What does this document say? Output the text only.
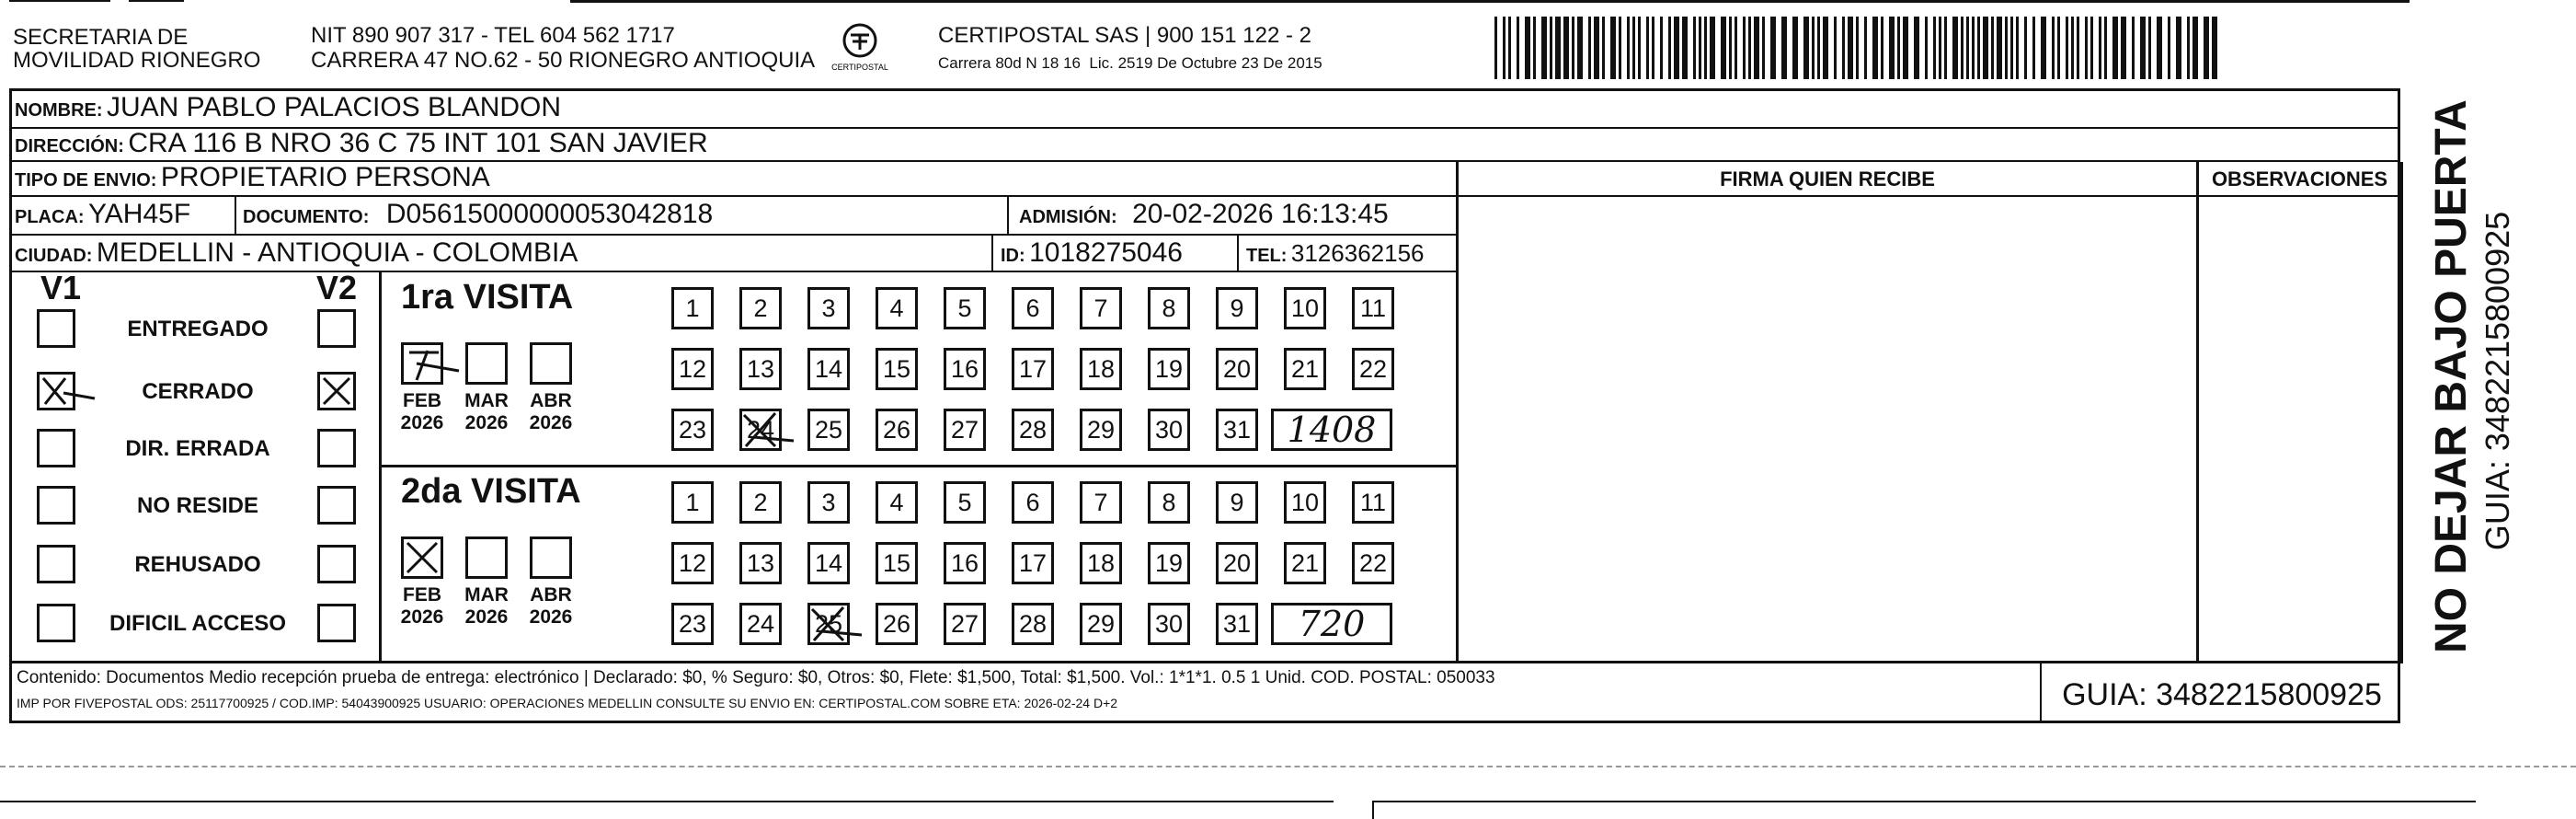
SECRETARIA DE
MOVILIDAD RIONEGRO
NIT 890 907 317 - TEL 604 562 1717
CARRERA 47 NO.62 - 50 RIONEGRO ANTIOQUIA CERTIPOSTAL
CERTIPOSTAL SAS | 900 151 122 - 2
Carrera 80d N 18 16  Lic. 2519 De Octubre 23 De 2015
NOMBRE: JUAN PABLO PALACIOS BLANDON
DIRECCIÓN: CRA 116 B NRO 36 C 75 INT 101 SAN JAVIER
TIPO DE ENVIO: PROPIETARIO PERSONA	FIRMA QUIEN RECIBE	OBSERVACIONES
PLACA: YAH45F	DOCUMENTO: D05615000000053042818	ADMISIÓN: 20-02-2026 16:13:45
CIUDAD: MEDELLIN - ANTIOQUIA - COLOMBIA	ID: 1018275046	TEL: 3126362156
V1	V2
ENTREGADO
CERRADO
DIR. ERRADA
NO RESIDE
REHUSADO
DIFICIL ACCESO
1ra VISITA
FEB
2026
MAR
2026
ABR
2026
1	2	3	4	5	6	7	8	9	10	11
12 13 14 15 16 17 18 19 20 21 22
23 24 25 26 27 28 29 30 31	1408
2da VISITA
FEB
2026
MAR
2026
ABR
2026
1	2	3	4	5	6	7	8	9	10	11
12 13 14 15 16 17 18 19 20 21 22
23 24 25 26 27 28 29 30 31	720	NO DEJAR BAJO PUERTA GUIA: 3482215800925
Contenido: Documentos Medio recepción prueba de entrega: electrónico | Declarado: $0, % Seguro: $0, Otros: $0, Flete: $1,500, Total: $1,500. Vol.: 1*1*1. 0.5 1 Unid. COD. POSTAL: 050033
IMP POR FIVEPOSTAL ODS: 25117700925 / COD.IMP: 54043900925 USUARIO: OPERACIONES MEDELLIN CONSULTE SU ENVIO EN: CERTIPOSTAL.COM SOBRE ETA: 2026-02-24 D+2	GUIA: 3482215800925
